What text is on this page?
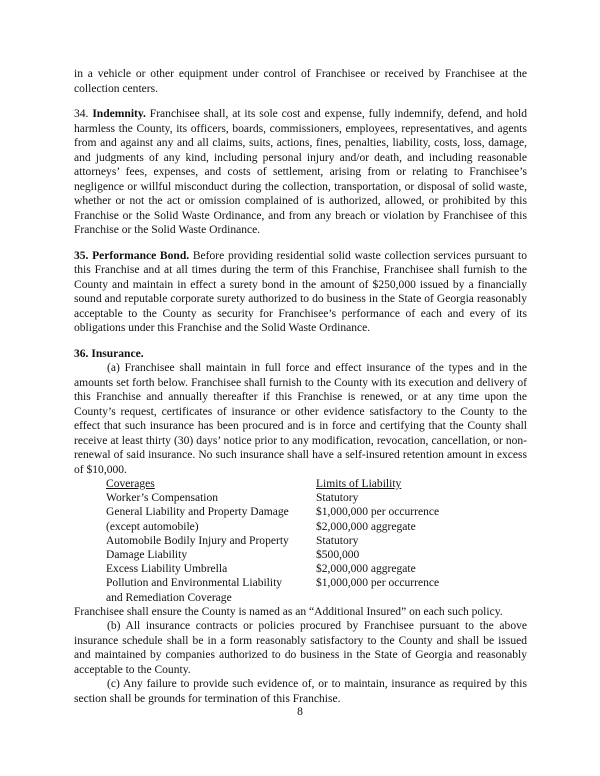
in a vehicle or other equipment under control of Franchisee or received by Franchisee at the collection centers.

34. Indemnity. Franchisee shall, at its sole cost and expense, fully indemnify, defend, and hold harmless the County, its officers, boards, commissioners, employees, representatives, and agents from and against any and all claims, suits, actions, fines, penalties, liability, costs, loss, damage, and judgments of any kind, including personal injury and/or death, and including reasonable attorneys’ fees, expenses, and costs of settlement, arising from or relating to Franchisee’s negligence or willful misconduct during the collection, transportation, or disposal of solid waste, whether or not the act or omission complained of is authorized, allowed, or prohibited by this Franchise or the Solid Waste Ordinance, and from any breach or violation by Franchisee of this Franchise or the Solid Waste Ordinance.

35. Performance Bond. Before providing residential solid waste collection services pursuant to this Franchise and at all times during the term of this Franchise, Franchisee shall furnish to the County and maintain in effect a surety bond in the amount of $250,000 issued by a financially sound and reputable corporate surety authorized to do business in the State of Georgia reasonably acceptable to the County as security for Franchisee’s performance of each and every of its obligations under this Franchise and the Solid Waste Ordinance.

36. Insurance.

(a) Franchisee shall maintain in full force and effect insurance of the types and in the amounts set forth below. Franchisee shall furnish to the County with its execution and delivery of this Franchise and annually thereafter if this Franchise is renewed, or at any time upon the County’s request, certificates of insurance or other evidence satisfactory to the County to the effect that such insurance has been procured and is in force and certifying that the County shall receive at least thirty (30) days’ notice prior to any modification, revocation, cancellation, or non-renewal of said insurance. No such insurance shall have a self-insured retention amount in excess of $10,000.

Coverages	Limits of Liability
Worker’s Compensation	Statutory
General Liability and Property Damage	$1,000,000 per occurrence
(except automobile)	$2,000,000 aggregate
Automobile Bodily Injury and Property	Statutory
Damage Liability	$500,000
Excess Liability Umbrella	$2,000,000 aggregate
Pollution and Environmental Liability	$1,000,000 per occurrence
and Remediation Coverage	

Franchisee shall ensure the County is named as an “Additional Insured” on each such policy.

(b) All insurance contracts or policies procured by Franchisee pursuant to the above insurance schedule shall be in a form reasonably satisfactory to the County and shall be issued and maintained by companies authorized to do business in the State of Georgia and reasonably acceptable to the County.

(c) Any failure to provide such evidence of, or to maintain, insurance as required by this section shall be grounds for termination of this Franchise.

8
